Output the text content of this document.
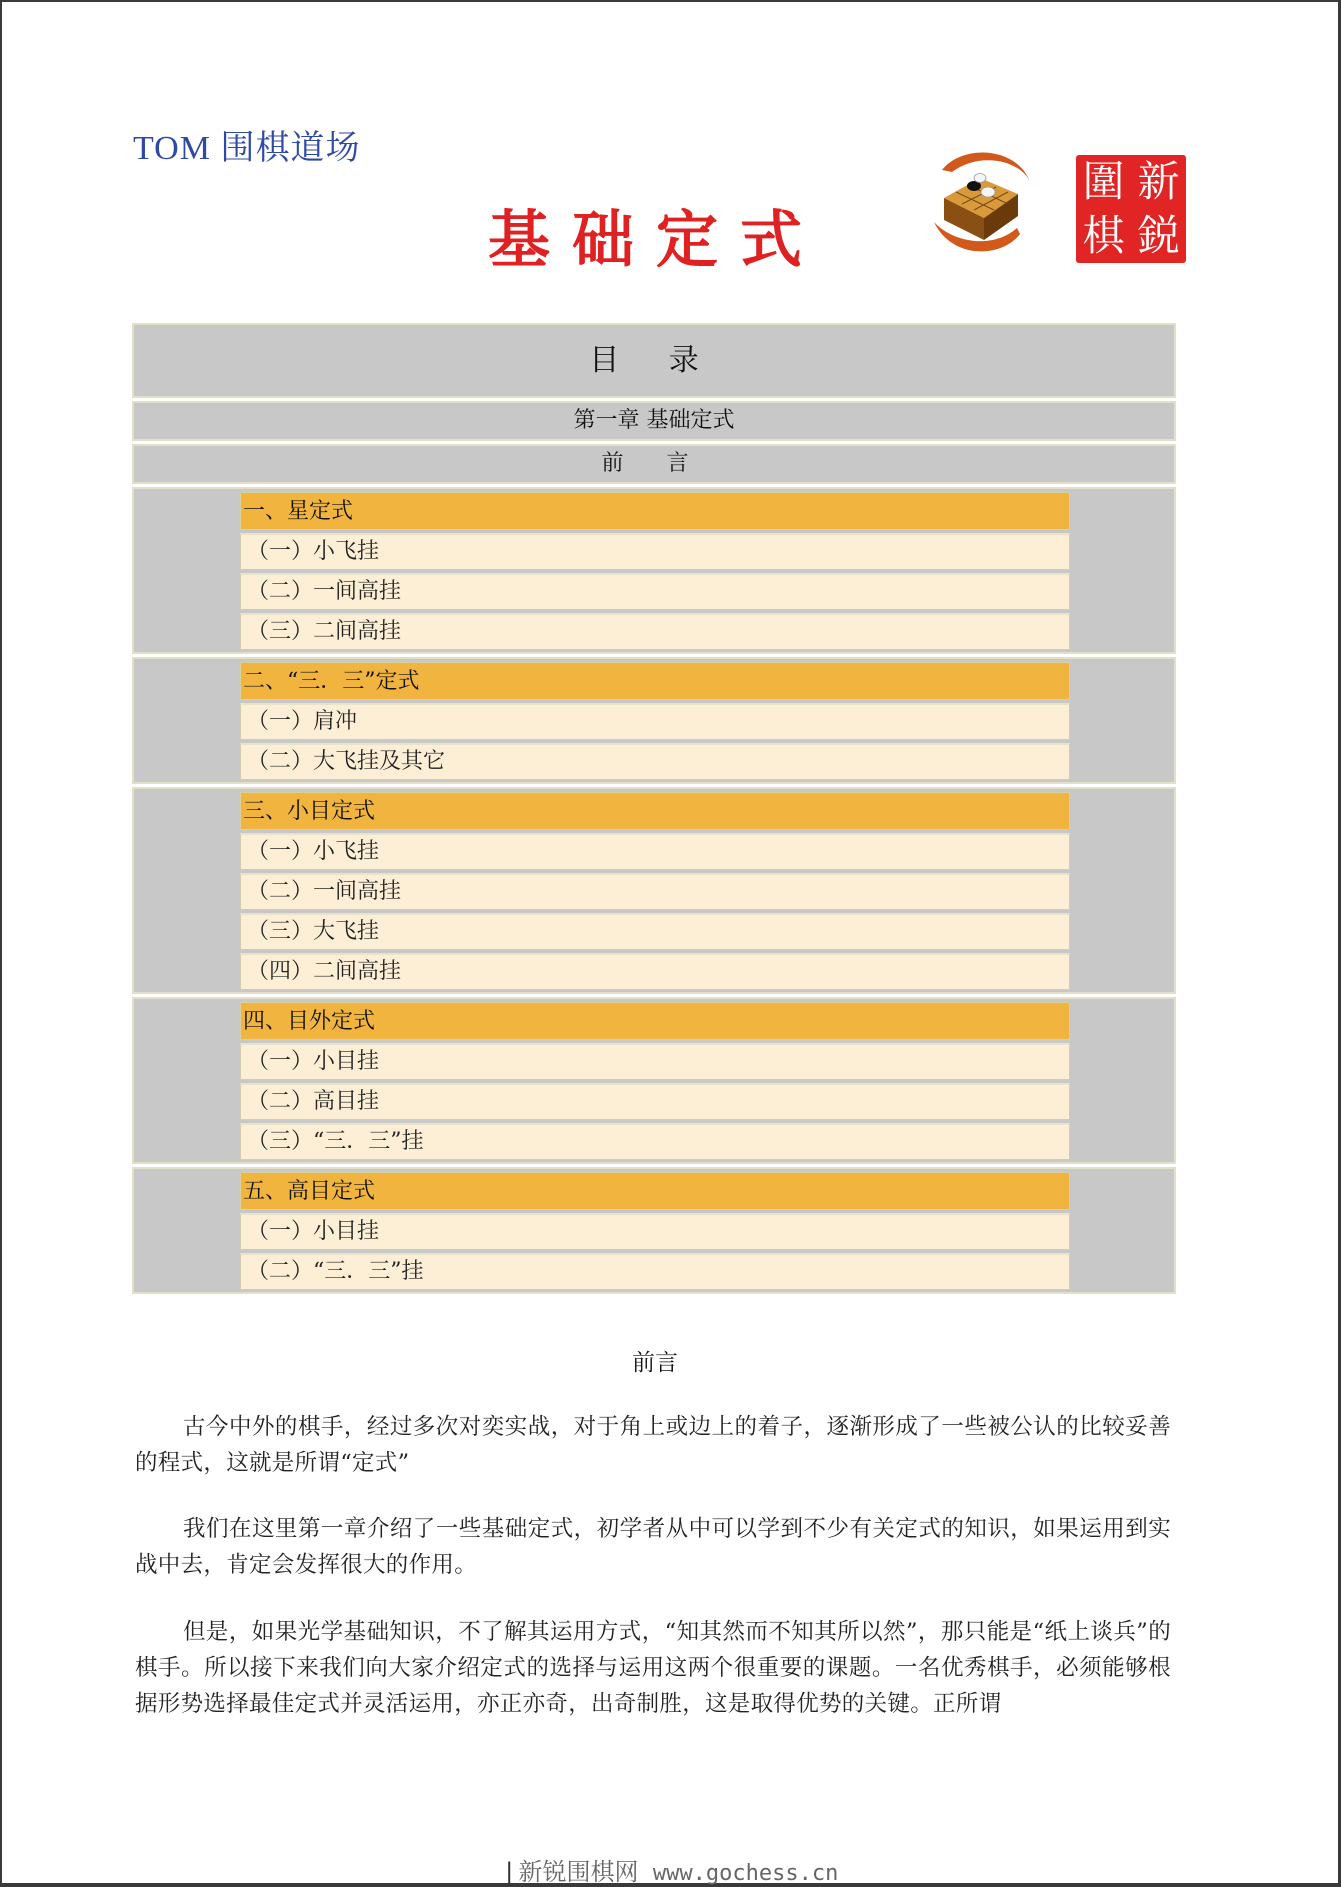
TOM 围棋道场
基础定式
圍 新
棋 鋭
目 录
第一章 基础定式
前 言
一、星定式
（一）小飞挂
（二）一间高挂
（三）二间高挂
二、“三．三”定式
（一）肩冲
（二）大飞挂及其它
三、小目定式
（一）小飞挂
（二）一间高挂
（三）大飞挂
（四）二间高挂
四、目外定式
（一）小目挂
（二）高目挂
（三）“三．三”挂
五、高目定式
（一）小目挂
（二）“三．三”挂
前言

古今中外的棋手，经过多次对奕实战，对于角上或边上的着子，逐渐形成了一些被公认的比较妥善的程式，这就是所谓“定式”

我们在这里第一章介绍了一些基础定式，初学者从中可以学到不少有关定式的知识，如果运用到实战中去，肯定会发挥很大的作用。

但是，如果光学基础知识，不了解其运用方式，“知其然而不知其所以然”，那只能是“纸上谈兵”的棋手。所以接下来我们向大家介绍定式的选择与运用这两个很重要的课题。一名优秀棋手，必须能够根据形势选择最佳定式并灵活运用，亦正亦奇，出奇制胜，这是取得优势的关键。正所谓

|新锐围棋网 www.gochess.cn
